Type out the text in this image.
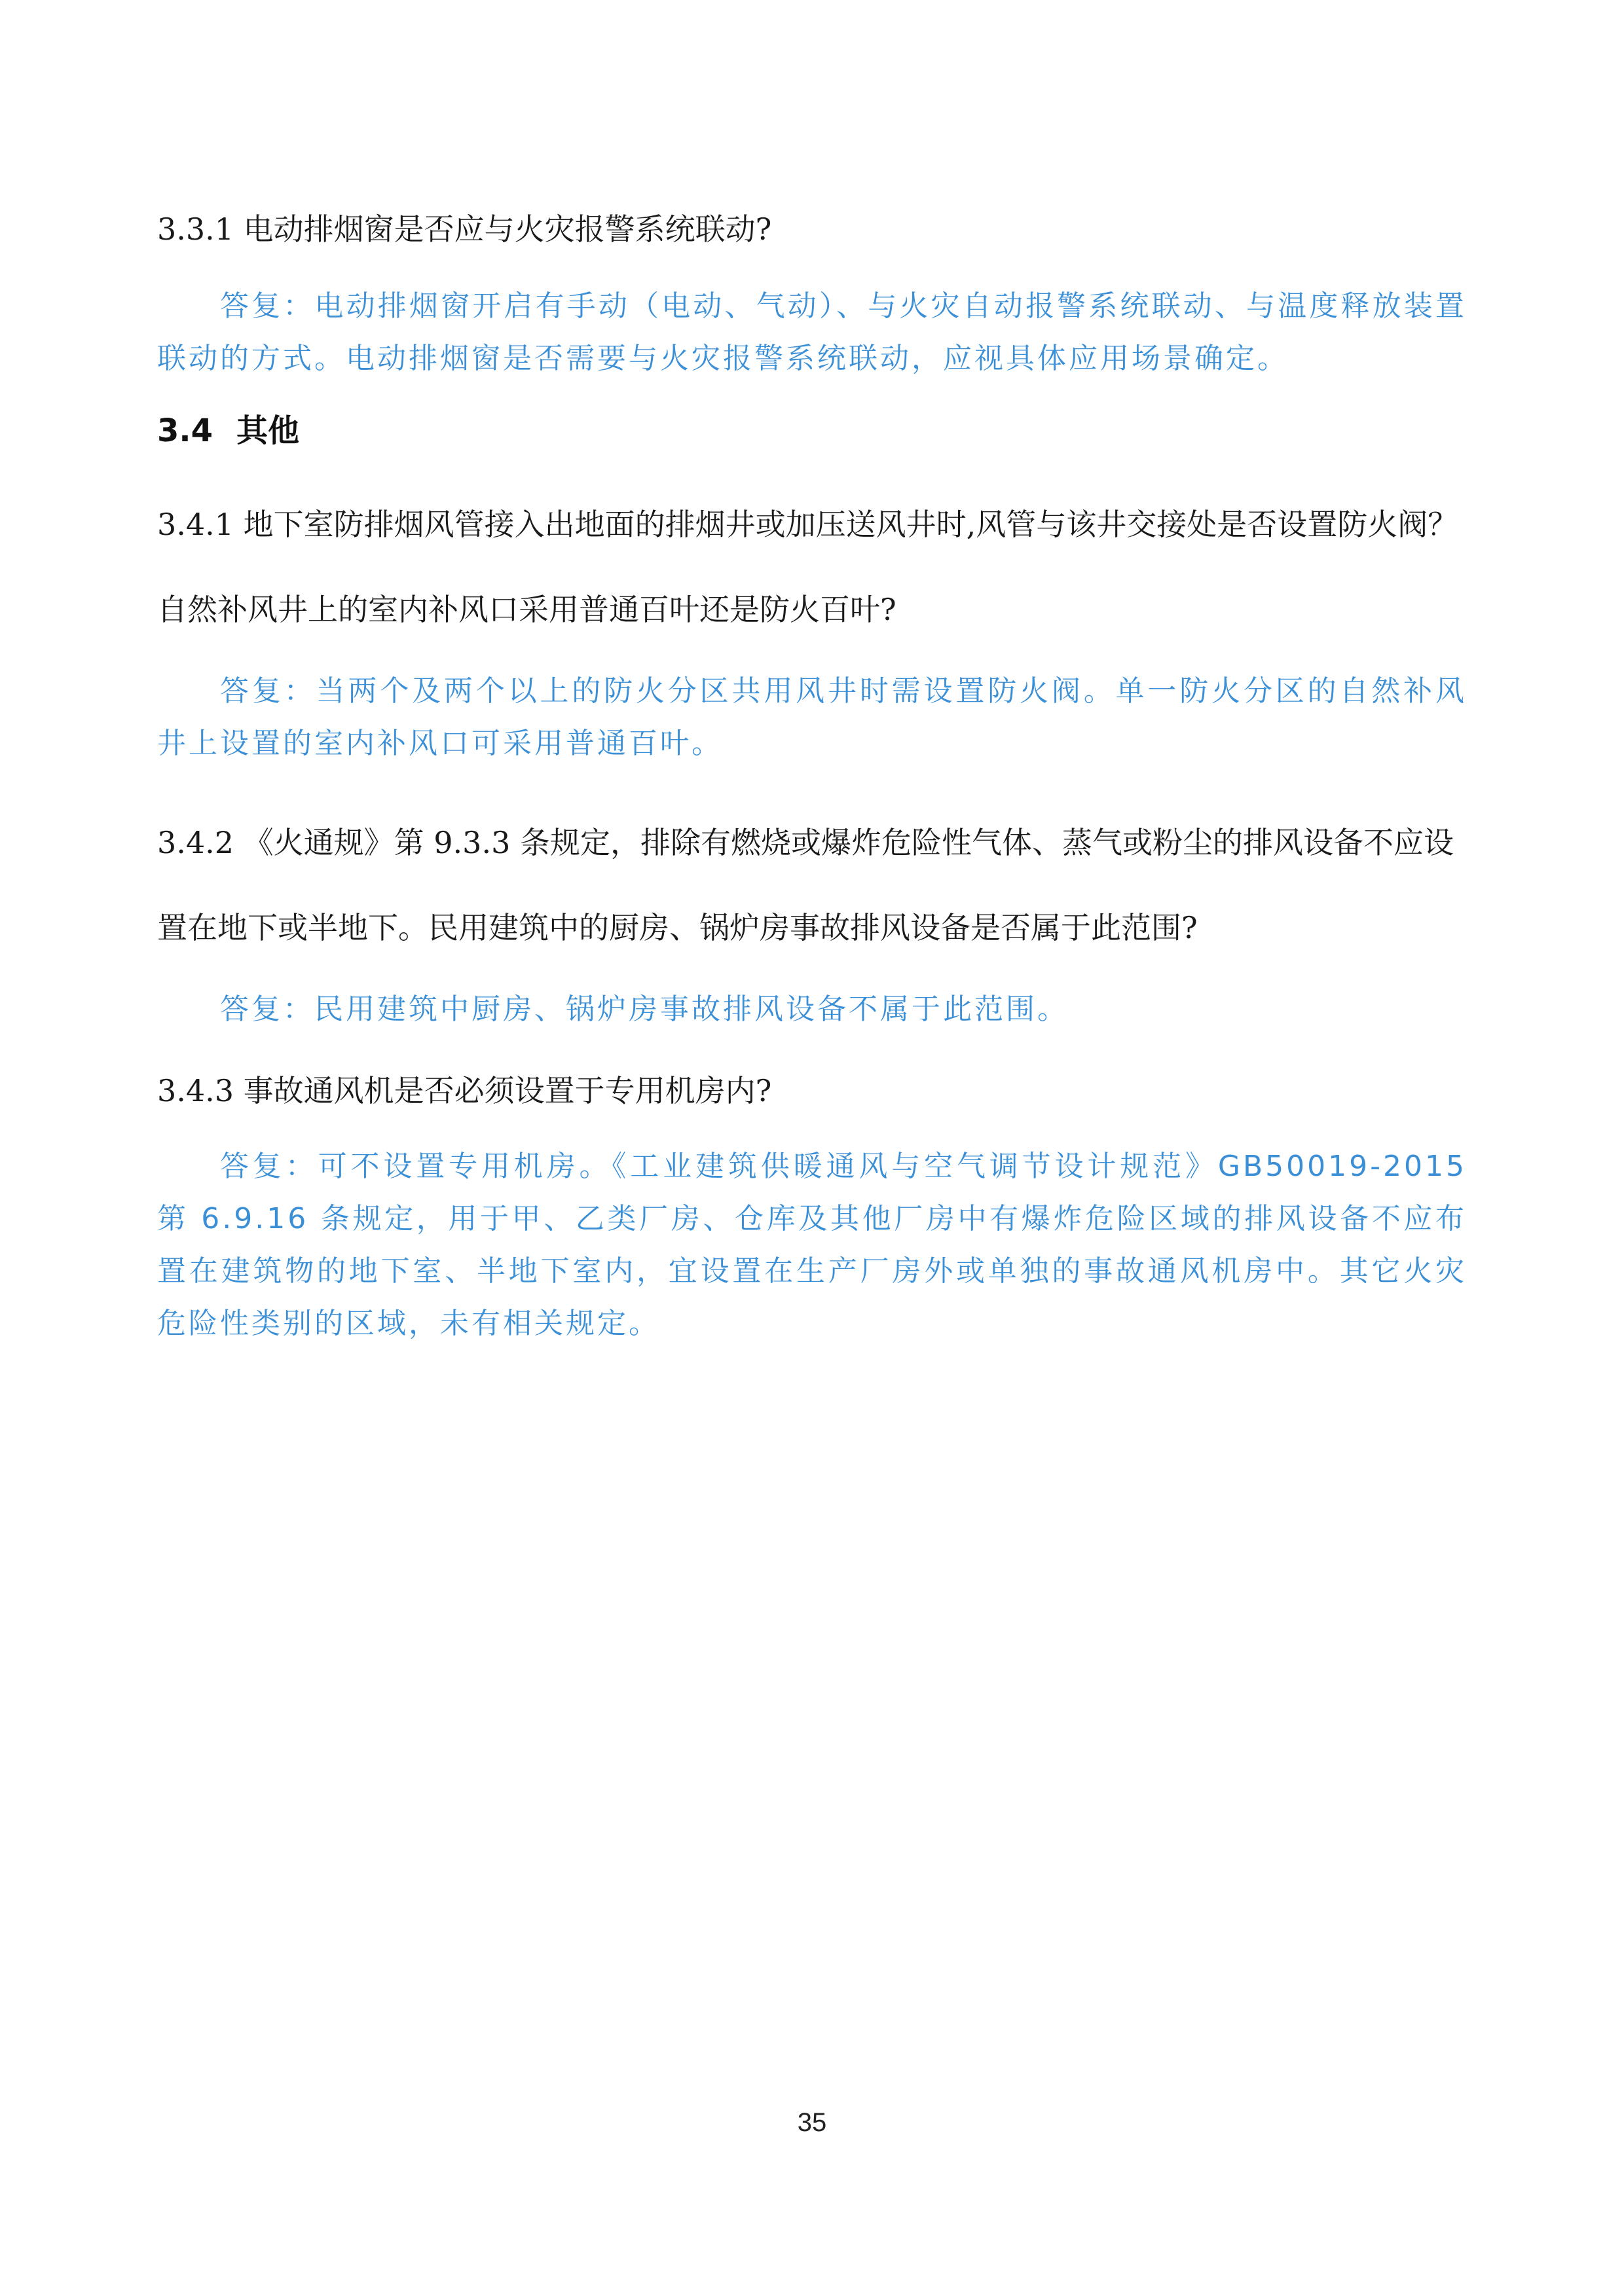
3.3.1 电动排烟窗是否应与火灾报警系统联动?

答复：电动排烟窗开启有手动（电动、气动）、与火灾自动报警系统联动、与温度释放装置联动的方式。电动排烟窗是否需要与火灾报警系统联动，应视具体应用场景确定。

3.4 其他

3.4.1 地下室防排烟风管接入出地面的排烟井或加压送风井时,风管与该井交接处是否设置防火阀？自然补风井上的室内补风口采用普通百叶还是防火百叶?

答复：当两个及两个以上的防火分区共用风井时需设置防火阀。单一防火分区的自然补风井上设置的室内补风口可采用普通百叶。

3.4.2 《火通规》第 9.3.3 条规定，排除有燃烧或爆炸危险性气体、蒸气或粉尘的排风设备不应设置在地下或半地下。民用建筑中的厨房、锅炉房事故排风设备是否属于此范围?

答复：民用建筑中厨房、锅炉房事故排风设备不属于此范围。

3.4.3 事故通风机是否必须设置于专用机房内?

答复：可不设置专用机房。《工业建筑供暖通风与空气调节设计规范》GB50019-2015 第 6.9.16 条规定，用于甲、乙类厂房、仓库及其他厂房中有爆炸危险区域的排风设备不应布置在建筑物的地下室、半地下室内，宜设置在生产厂房外或单独的事故通风机房中。其它火灾危险性类别的区域，未有相关规定。

35
